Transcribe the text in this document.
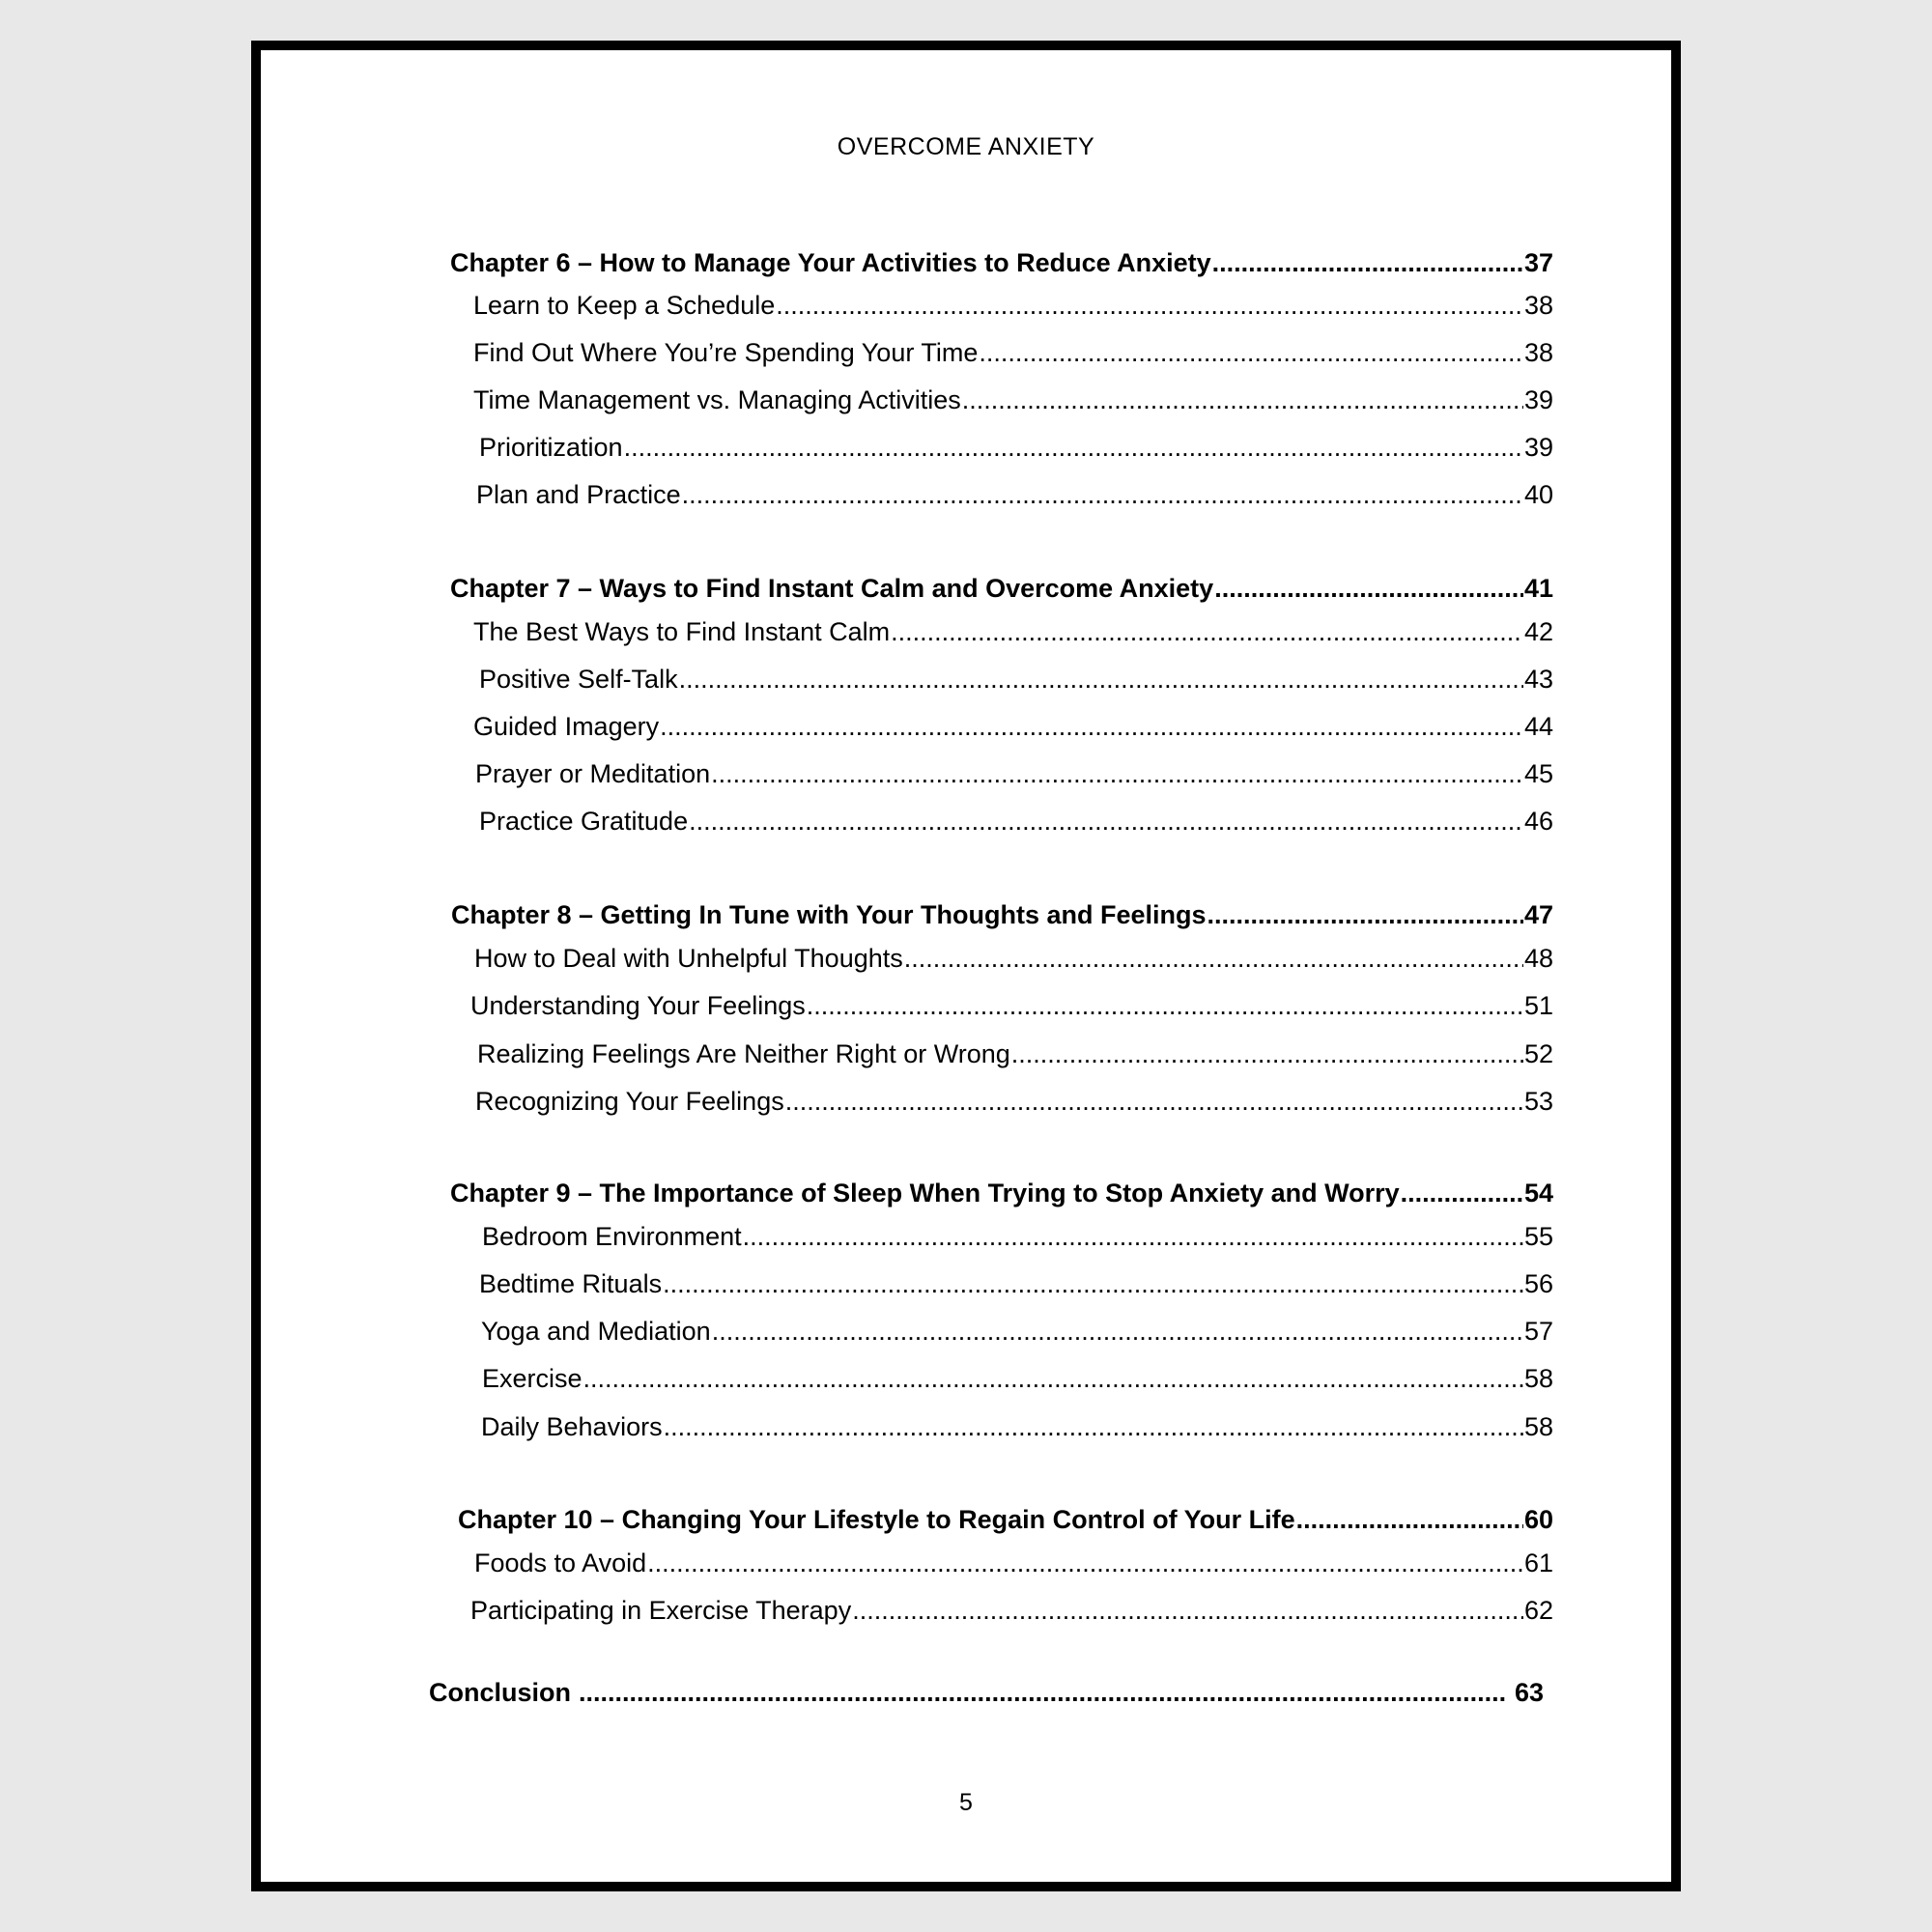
OVERCOME ANXIETY
Chapter 6 – How to Manage Your Activities to Reduce Anxiety .....	37
Learn to Keep a Schedule .....	38
Find Out Where You’re Spending Your Time .....	38
Time Management vs. Managing Activities .....	39
Prioritization .....	39
Plan and Practice .....	40
Chapter 7 – Ways to Find Instant Calm and Overcome Anxiety .....	41
The Best Ways to Find Instant Calm .....	42
Positive Self-Talk .....	43
Guided Imagery .....	44
Prayer or Meditation .....	45
Practice Gratitude .....	46
Chapter 8 – Getting In Tune with Your Thoughts and Feelings .....	47
How to Deal with Unhelpful Thoughts .....	48
Understanding Your Feelings .....	51
Realizing Feelings Are Neither Right or Wrong .....	52
Recognizing Your Feelings .....	53
Chapter 9 – The Importance of Sleep When Trying to Stop Anxiety and Worry .....	54
Bedroom Environment .....	55
Bedtime Rituals .....	56
Yoga and Mediation .....	57
Exercise .....	58
Daily Behaviors .....	58
Chapter 10 – Changing Your Lifestyle to Regain Control of Your Life .....	60
Foods to Avoid .....	61
Participating in Exercise Therapy .....	62
Conclusion .....	63
5
